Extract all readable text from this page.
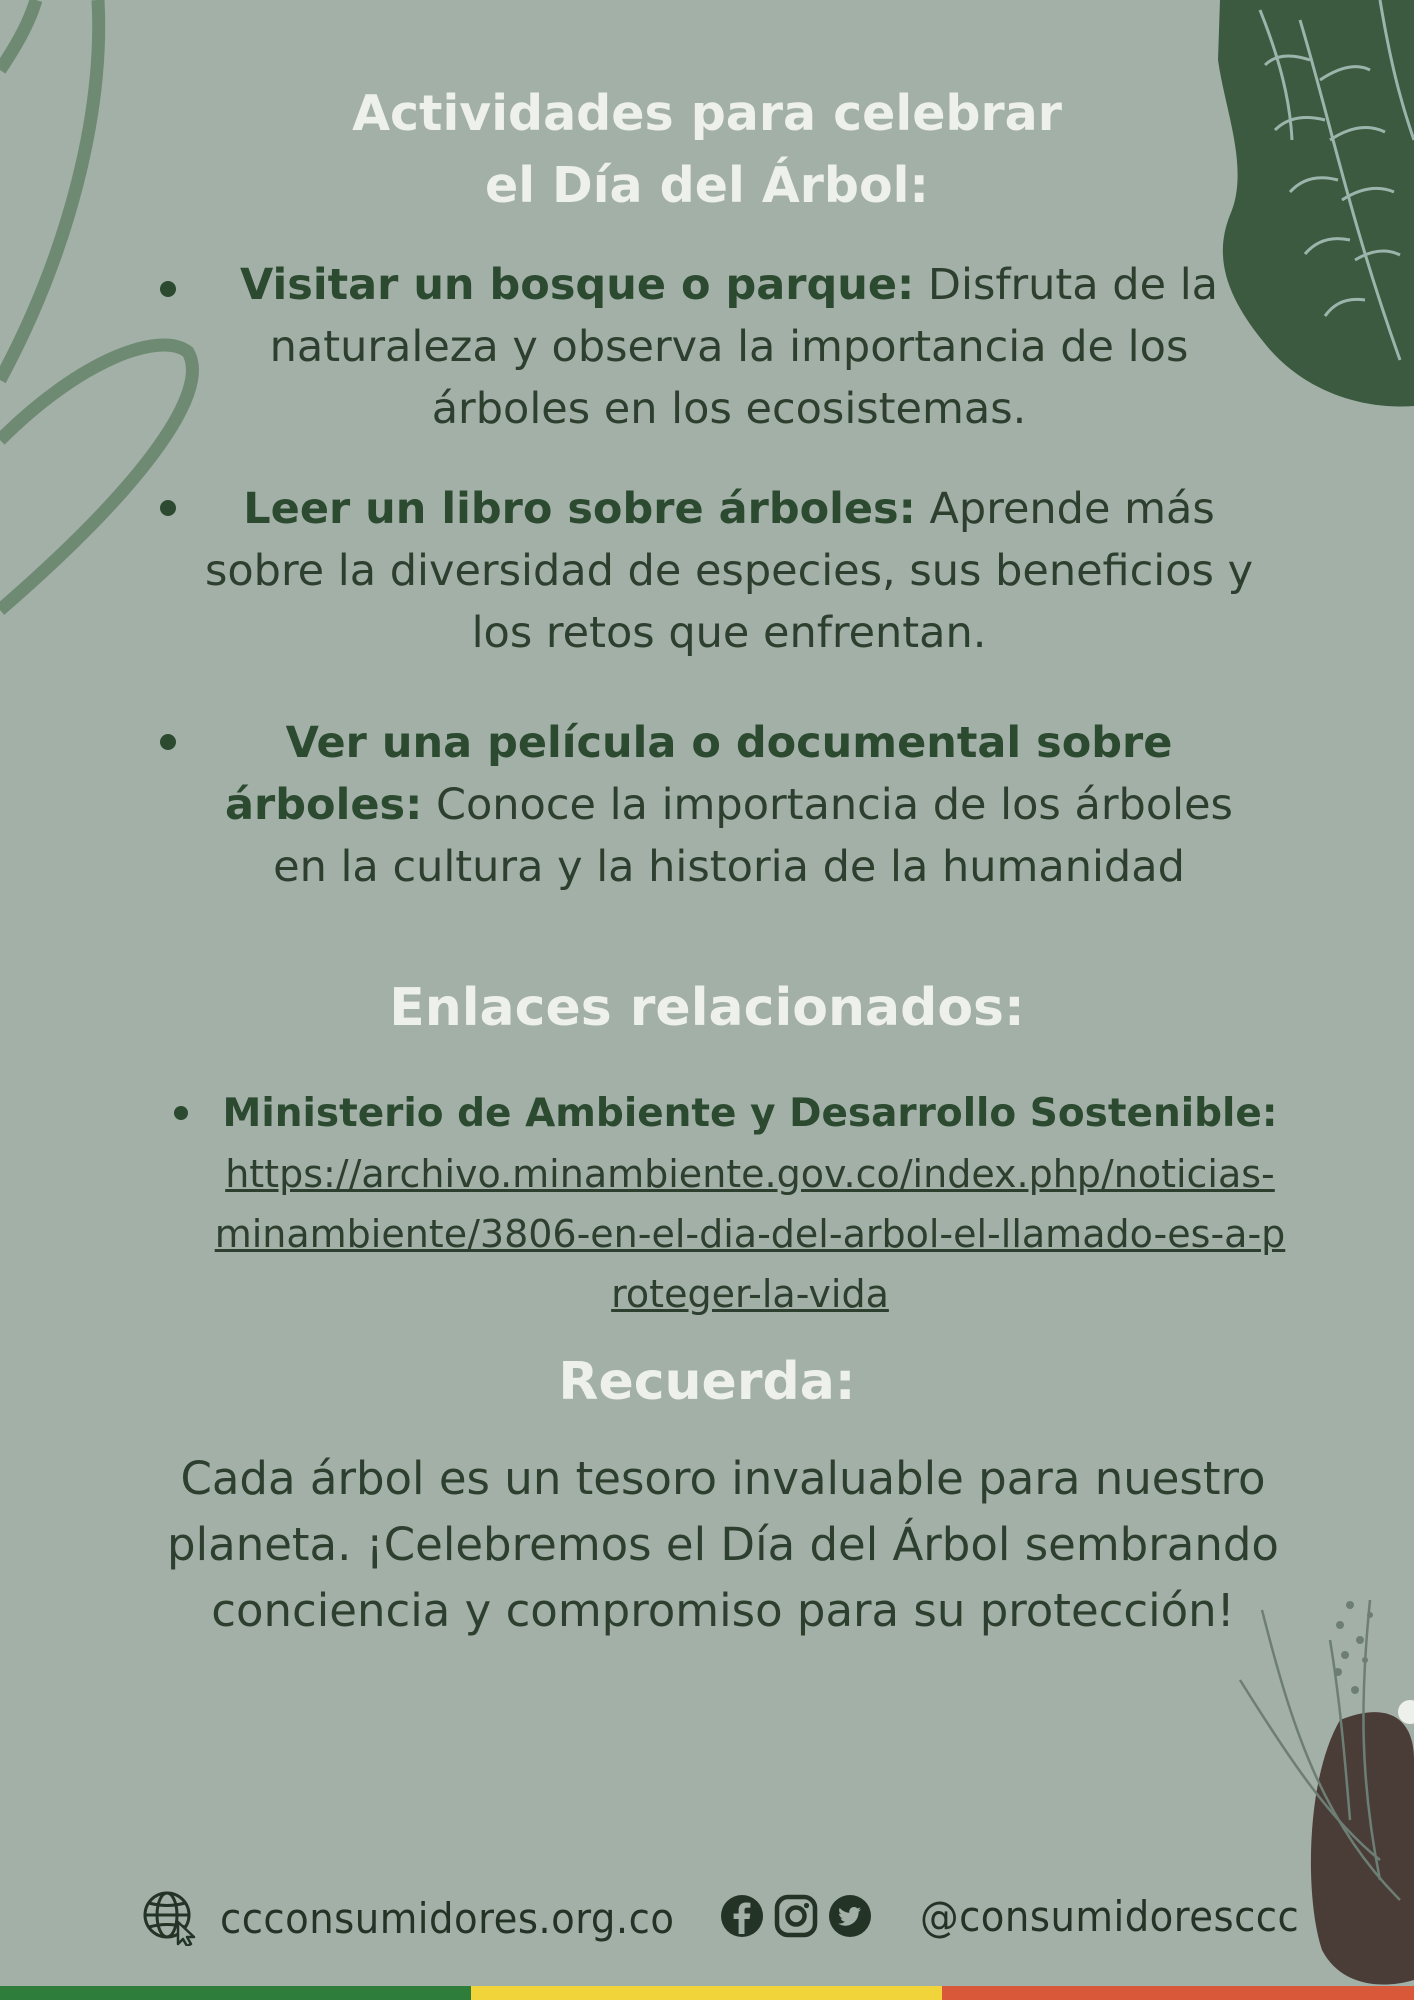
Actividades para celebrar
el Día del Árbol:

Visitar un bosque o parque: Disfruta de la naturaleza y observa la importancia de los árboles en los ecosistemas.

Leer un libro sobre árboles: Aprende más sobre la diversidad de especies, sus beneficios y los retos que enfrentan.

Ver una película o documental sobre árboles: Conoce la importancia de los árboles en la cultura y la historia de la humanidad

Enlaces relacionados:

Ministerio de Ambiente y Desarrollo Sostenible:
https://archivo.minambiente.gov.co/index.php/noticias-minambiente/3806-en-el-dia-del-arbol-el-llamado-es-a-proteger-la-vida

Recuerda:

Cada árbol es un tesoro invaluable para nuestro planeta. ¡Celebremos el Día del Árbol sembrando conciencia y compromiso para su protección!

ccconsumidores.org.co	@consumidoresccc
